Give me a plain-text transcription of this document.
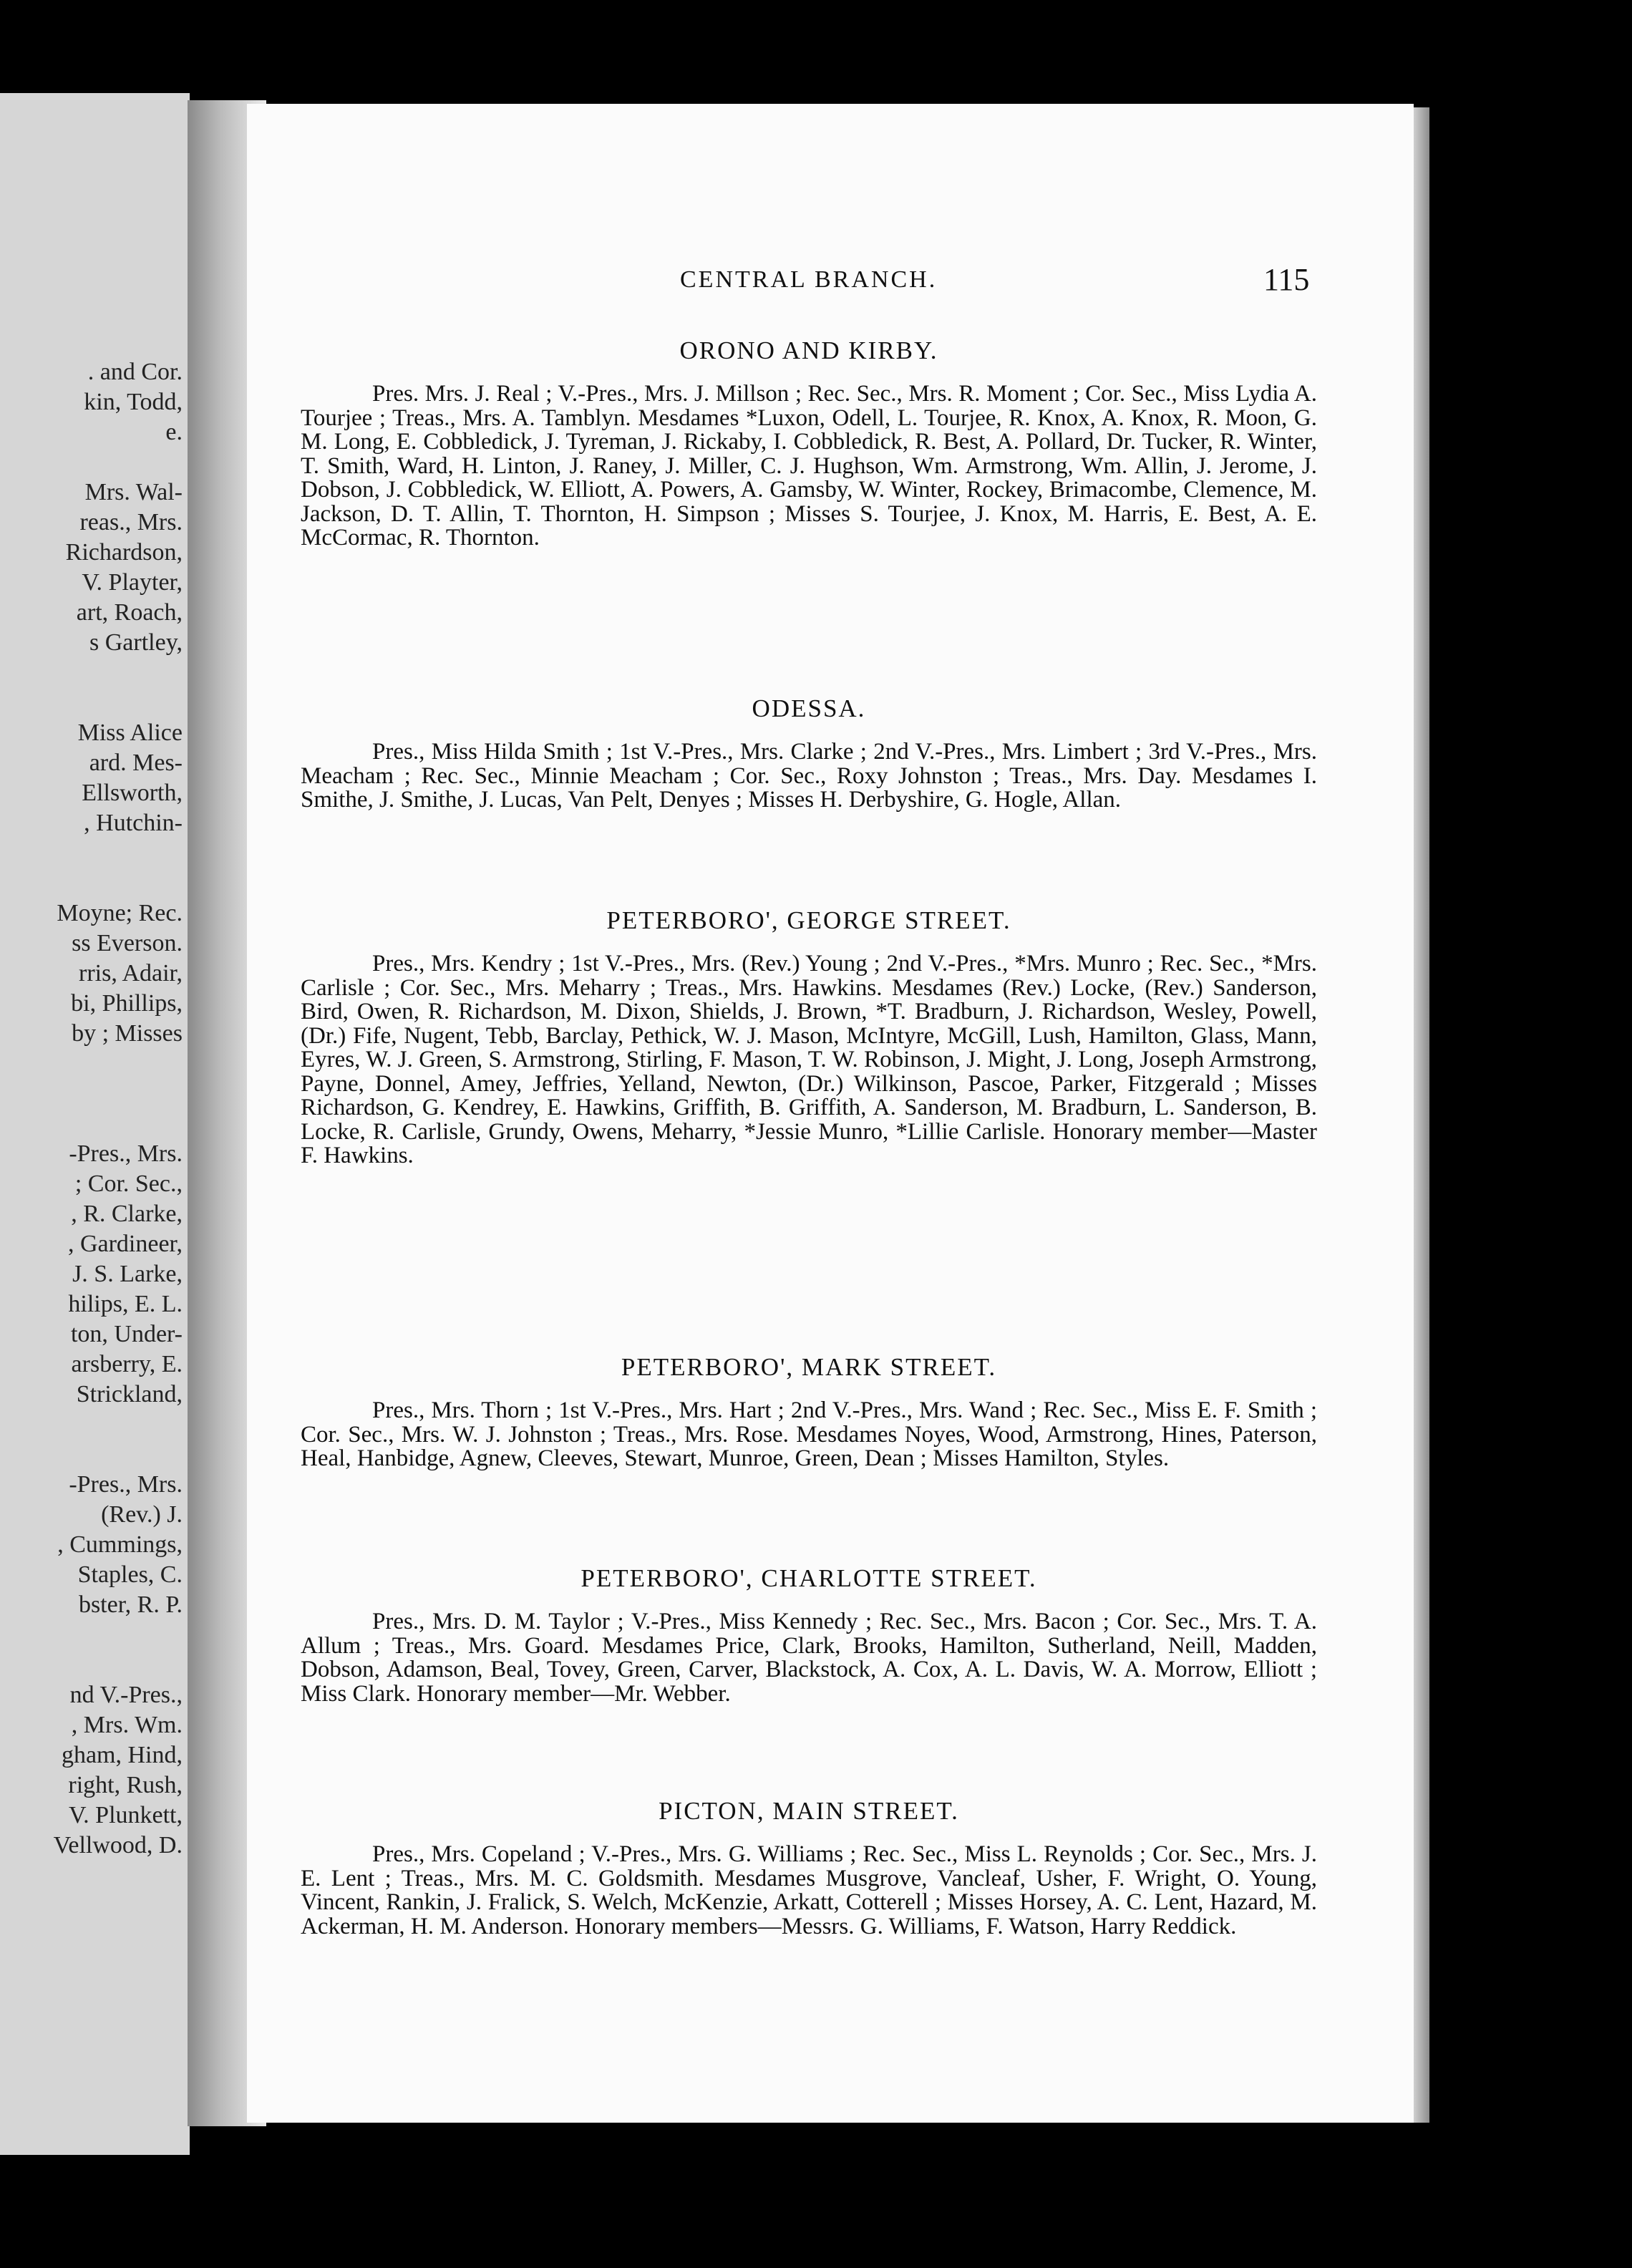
. and Cor.
kin, Todd,
e.
Mrs. Wal-
reas., Mrs.
Richardson,
V. Playter,
art, Roach,
s Gartley,
Miss Alice
ard. Mes-
Ellsworth,
, Hutchin-
Moyne; Rec.
ss Everson.
rris, Adair,
bi, Phillips,
by ; Misses
-Pres., Mrs.
; Cor. Sec.,
, R. Clarke,
, Gardineer,
J. S. Larke,
hilips, E. L.
ton, Under-
arsberry, E.
Strickland,
-Pres., Mrs.
(Rev.) J.
, Cummings,
Staples, C.
bster, R. P.
nd V.-Pres.,
, Mrs. Wm.
gham, Hind,
right, Rush,
V. Plunkett,
Vellwood, D.
CENTRAL BRANCH.	115
ORONO AND KIRBY.

Pres. Mrs. J. Real ; V.-Pres., Mrs. J. Millson ; Rec. Sec., Mrs. R. Moment ; Cor. Sec., Miss Lydia A. Tourjee ; Treas., Mrs. A. Tamblyn. Mesdames *Luxon, Odell, L. Tourjee, R. Knox, A. Knox, R. Moon, G. M. Long, E. Cobbledick, J. Tyreman, J. Rickaby, I. Cobbledick, R. Best, A. Pollard, Dr. Tucker, R. Winter, T. Smith, Ward, H. Linton, J. Raney, J. Miller, C. J. Hughson, Wm. Armstrong, Wm. Allin, J. Jerome, J. Dobson, J. Cobbledick, W. Elliott, A. Powers, A. Gamsby, W. Winter, Rockey, Brimacombe, Clemence, M. Jackson, D. T. Allin, T. Thornton, H. Simpson ; Misses S. Tourjee, J. Knox, M. Harris, E. Best, A. E. McCormac, R. Thornton.

ODESSA.

Pres., Miss Hilda Smith ; 1st V.-Pres., Mrs. Clarke ; 2nd V.-Pres., Mrs. Limbert ; 3rd V.-Pres., Mrs. Meacham ; Rec. Sec., Minnie Meacham ; Cor. Sec., Roxy Johnston ; Treas., Mrs. Day. Mesdames I. Smithe, J. Smithe, J. Lucas, Van Pelt, Denyes ; Misses H. Derbyshire, G. Hogle, Allan.

PETERBORO', GEORGE STREET.

Pres., Mrs. Kendry ; 1st V.-Pres., Mrs. (Rev.) Young ; 2nd V.-Pres., *Mrs. Munro ; Rec. Sec., *Mrs. Carlisle ; Cor. Sec., Mrs. Meharry ; Treas., Mrs. Hawkins. Mesdames (Rev.) Locke, (Rev.) Sanderson, Bird, Owen, R. Richardson, M. Dixon, Shields, J. Brown, *T. Bradburn, J. Richardson, Wesley, Powell, (Dr.) Fife, Nugent, Tebb, Barclay, Pethick, W. J. Mason, McIntyre, McGill, Lush, Hamilton, Glass, Mann, Eyres, W. J. Green, S. Armstrong, Stirling, F. Mason, T. W. Robinson, J. Might, J. Long, Joseph Armstrong, Payne, Donnel, Amey, Jeffries, Yelland, Newton, (Dr.) Wilkinson, Pascoe, Parker, Fitzgerald ; Misses Richardson, G. Kendrey, E. Hawkins, Griffith, B. Griffith, A. Sanderson, M. Bradburn, L. Sanderson, B. Locke, R. Carlisle, Grundy, Owens, Meharry, *Jessie Munro, *Lillie Carlisle. Honorary member—Master F. Hawkins.

PETERBORO', MARK STREET.

Pres., Mrs. Thorn ; 1st V.-Pres., Mrs. Hart ; 2nd V.-Pres., Mrs. Wand ; Rec. Sec., Miss E. F. Smith ; Cor. Sec., Mrs. W. J. Johnston ; Treas., Mrs. Rose. Mesdames Noyes, Wood, Armstrong, Hines, Paterson, Heal, Hanbidge, Agnew, Cleeves, Stewart, Munroe, Green, Dean ; Misses Hamilton, Styles.

PETERBORO', CHARLOTTE STREET.

Pres., Mrs. D. M. Taylor ; V.-Pres., Miss Kennedy ; Rec. Sec., Mrs. Bacon ; Cor. Sec., Mrs. T. A. Allum ; Treas., Mrs. Goard. Mesdames Price, Clark, Brooks, Hamilton, Sutherland, Neill, Madden, Dobson, Adamson, Beal, Tovey, Green, Carver, Blackstock, A. Cox, A. L. Davis, W. A. Morrow, Elliott ; Miss Clark. Honorary member—Mr. Webber.

PICTON, MAIN STREET.

Pres., Mrs. Copeland ; V.-Pres., Mrs. G. Williams ; Rec. Sec., Miss L. Reynolds ; Cor. Sec., Mrs. J. E. Lent ; Treas., Mrs. M. C. Goldsmith. Mesdames Musgrove, Vancleaf, Usher, F. Wright, O. Young, Vincent, Rankin, J. Fralick, S. Welch, McKenzie, Arkatt, Cotterell ; Misses Horsey, A. C. Lent, Hazard, M. Ackerman, H. M. Anderson. Honorary members—Messrs. G. Williams, F. Watson, Harry Reddick.
